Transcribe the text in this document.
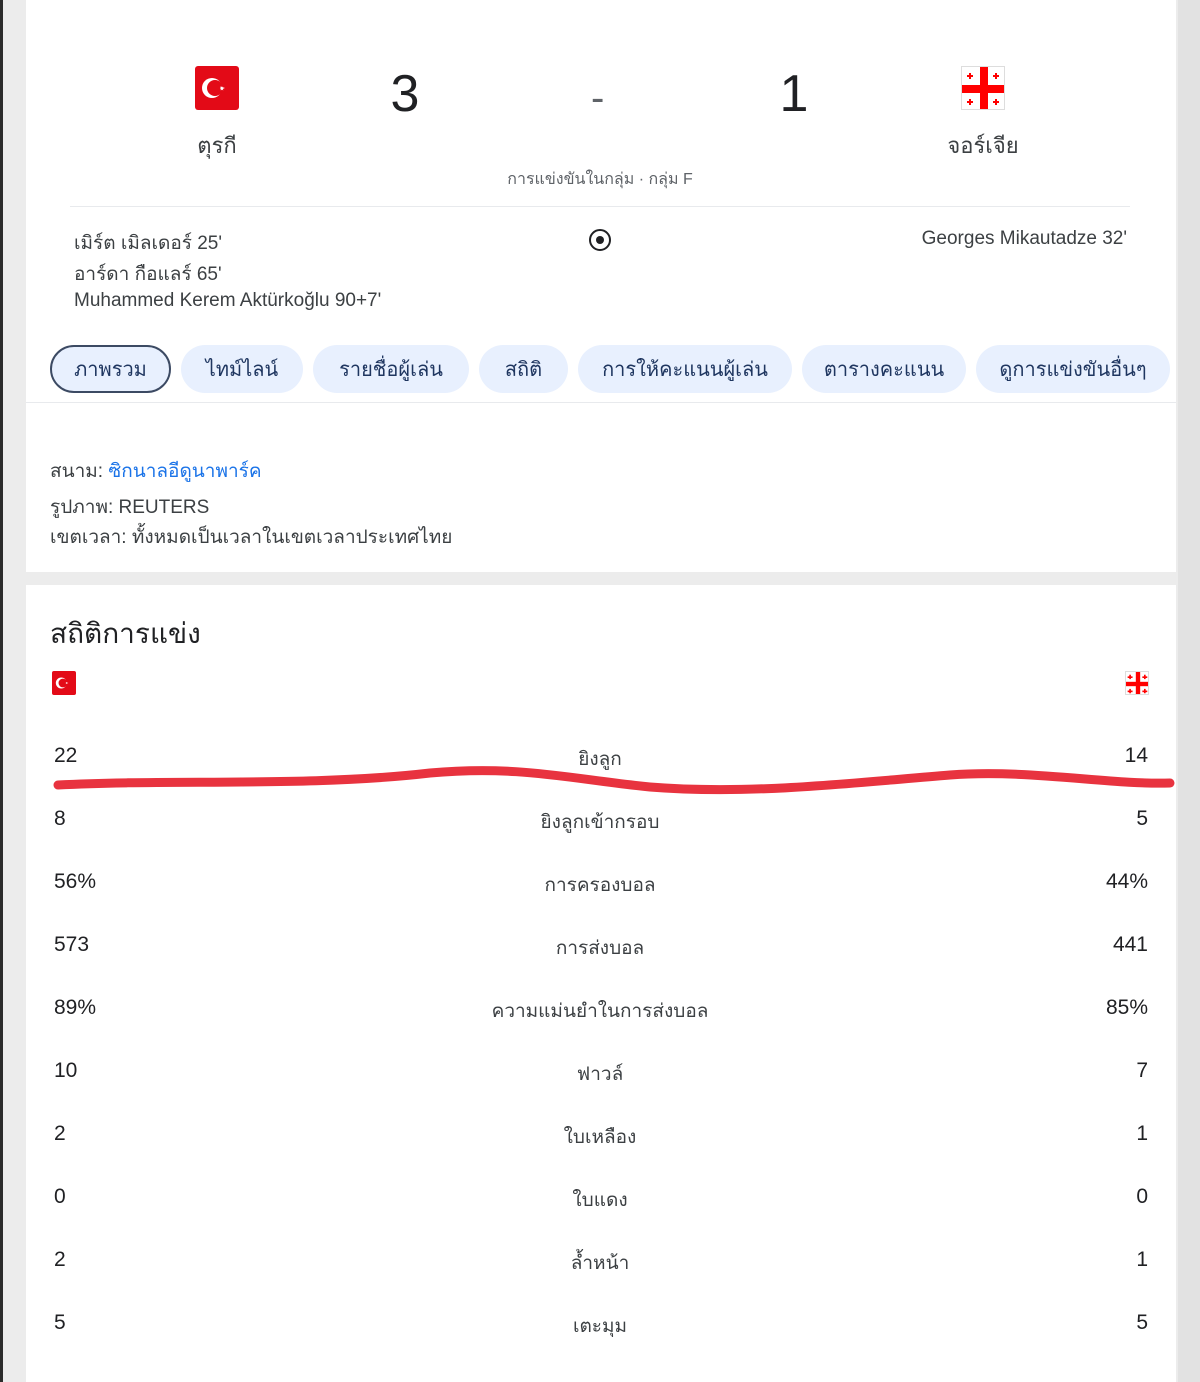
ตุรกี
3	-	1
จอร์เจีย
การแข่งขันในกลุ่ม · กลุ่ม F
เมิร์ต เมิลเดอร์ 25'
อาร์ดา กือแลร์ 65'
Muhammed Kerem Aktürkoğlu 90+7'
Georges Mikautadze 32'
ภาพรวม	ไทม์ไลน์	รายชื่อผู้เล่น	สถิติ	การให้คะแนนผู้เล่น	ตารางคะแนน	ดูการแข่งขันอื่นๆ
สนาม: ซิกนาลอีดูนาพาร์ค
รูปภาพ: REUTERS
เขตเวลา: ทั้งหมดเป็นเวลาในเขตเวลาประเทศไทย
สถิติการแข่ง
22	ยิงลูก	14
8	ยิงลูกเข้ากรอบ	5
56%	การครองบอล	44%
573	การส่งบอล	441
89%	ความแม่นยำในการส่งบอล	85%
10	ฟาวล์	7
2	ใบเหลือง	1
0	ใบแดง	0
2	ล้ำหน้า	1
5	เตะมุม	5
